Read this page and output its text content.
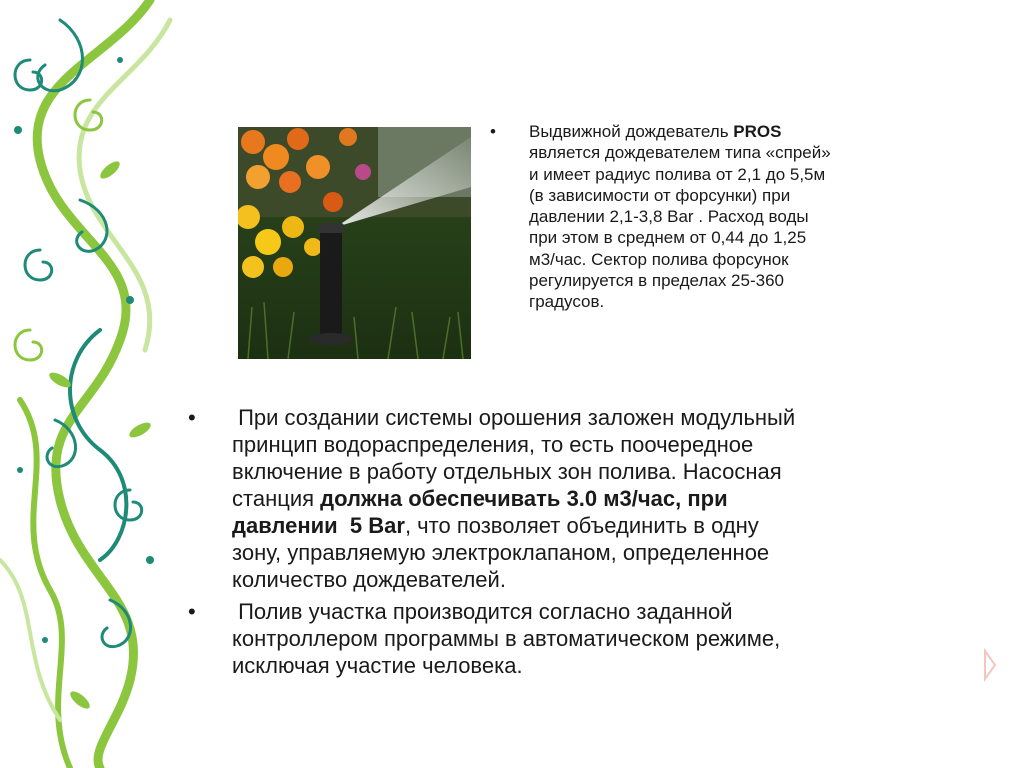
• Выдвижной дождеватель PROS
является дождевателем типа «спрей»
и имеет радиус полива от 2,1 до 5,5м
(в зависимости от форсунки) при
давлении 2,1-3,8 Bar . Расход воды
при этом в среднем от 0,44 до 1,25
м3/час. Сектор полива форсунок
регулируется в пределах 25-360
градусов.
• При создании системы орошения заложен модульный
принцип водораспределения, то есть поочередное
включение в работу отдельных зон полива. Насосная
станция должна обеспечивать 3.0 м3/час, при
давлении  5 Bar, что позволяет объединить в одну
зону, управляемую электроклапаном, определенное
количество дождевателей.
• Полив участка производится согласно заданной
контроллером программы в автоматическом режиме,
исключая участие человека.
